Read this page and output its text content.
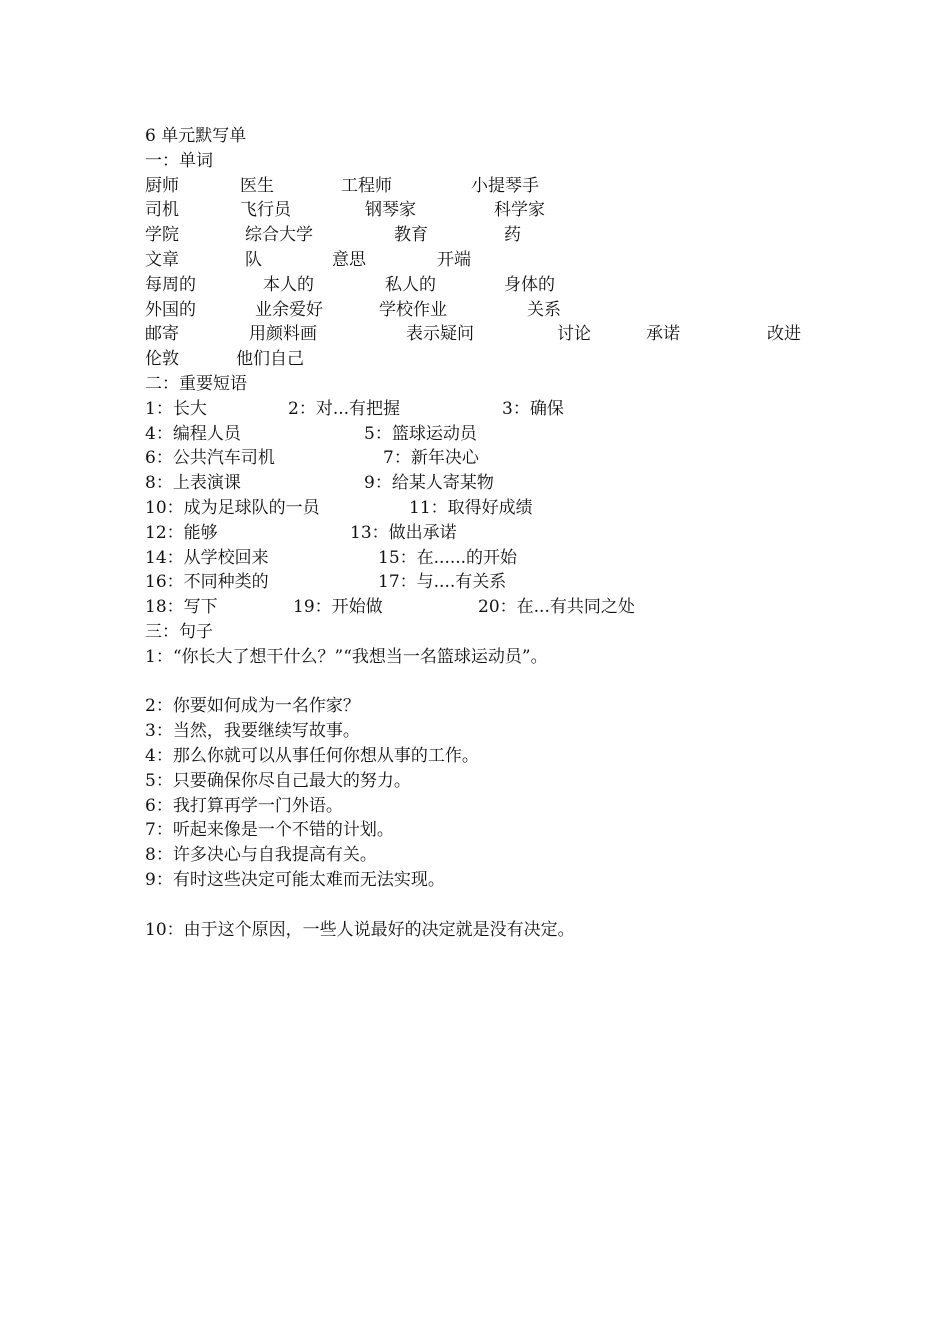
6 单元默写单
一：单词
厨师	医生	工程师	小提琴手
司机	飞行员	钢琴家	科学家
学院	综合大学	教育	药
文章	队	意思	开端
每周的	本人的	私人的	身体的
外国的	业余爱好	学校作业	关系
邮寄	用颜料画	表示疑问	讨论	承诺	改进
伦敦	他们自己
二：重要短语
1：长大	2：对...有把握	3：确保
4：编程人员	5：篮球运动员
6：公共汽车司机	7：新年决心
8：上表演课	9：给某人寄某物
10：成为足球队的一员	11：取得好成绩
12：能够	13：做出承诺
14：从学校回来	15：在......的开始
16：不同种类的	17：与....有关系
18：写下	19：开始做	20：在...有共同之处
三：句子
1：“你长大了想干什么？”“我想当一名篮球运动员”。
2：你要如何成为一名作家？
3：当然，我要继续写故事。
4：那么你就可以从事任何你想从事的工作。
5：只要确保你尽自己最大的努力。
6：我打算再学一门外语。
7：听起来像是一个不错的计划。
8：许多决心与自我提高有关。
9：有时这些决定可能太难而无法实现。
10：由于这个原因，一些人说最好的决定就是没有决定。
